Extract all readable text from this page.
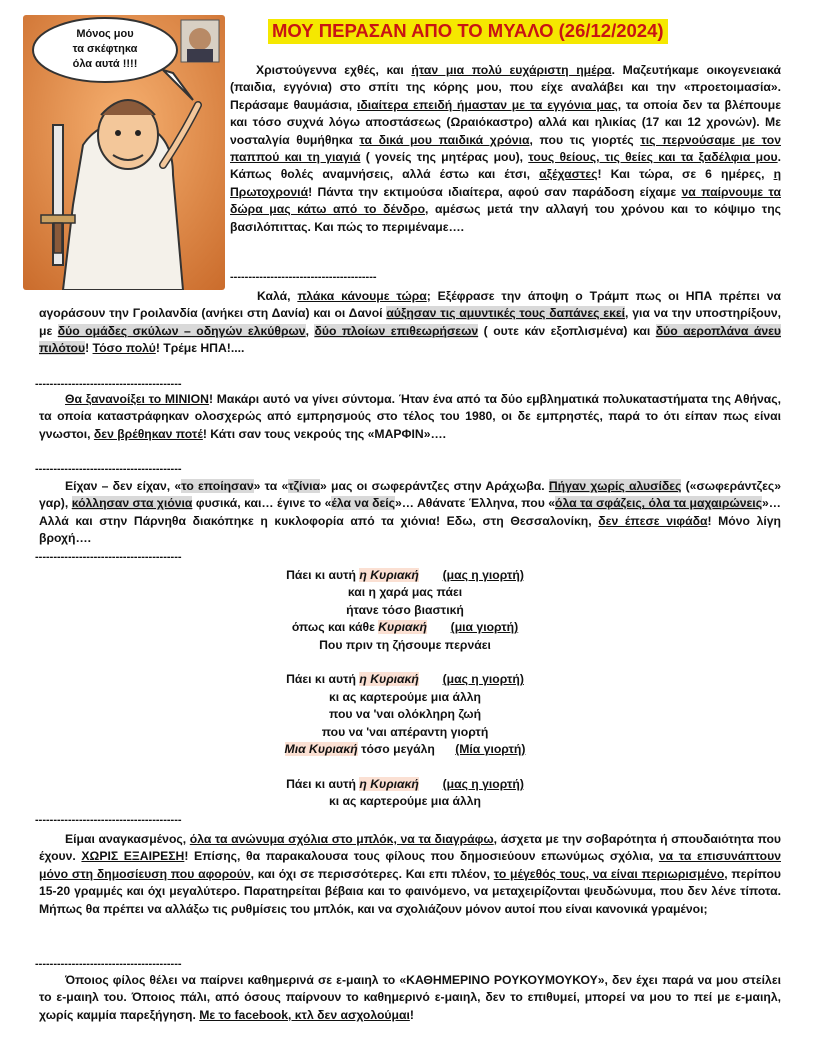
Μόνος μου
τα σκέφτηκα
όλα αυτά !!!!
ΜΟΥ ΠΕΡΑΣΑΝ ΑΠΟ ΤΟ ΜΥΑΛΟ (26/12/2024)
Χριστούγεννα εχθές, και ήταν μια πολύ ευχάριστη ημέρα. Μαζευτήκαμε οικογενειακά (παιδια, εγγόνια) στο σπίτι της κόρης μου, που είχε αναλάβει και την «προετοιμασία». Περάσαμε θαυμάσια, ιδιαίτερα επειδή ήμασταν με τα εγγόνια μας, τα οποία δεν τα βλέπουμε και τόσο συχνά λόγω αποστάσεως (Ωραιόκαστρο) αλλά και ηλικίας (17 και 12 χρονών). Με νοσταλγία θυμήθηκα τα δικά μου παιδικά χρόνια, που τις γιορτές τις περνούσαμε με τον παππού και τη γιαγιά ( γονείς της μητέρας μου), τους θείους, τις θείες και τα ξαδέλφια μου. Κάπως θολές αναμνήσεις, αλλά έστω και έτσι, αξέχαστες! Και τώρα, σε 6 ημέρες, η Πρωτοχρονιά! Πάντα την εκτιμούσα ιδιαίτερα, αφού σαν παράδοση είχαμε να παίρνουμε τα δώρα μας κάτω από το δένδρο, αμέσως μετά την αλλαγή του χρόνου και το κόψιμο της βασιλόπιττας. Και πώς το περιμέναμε….
----------------------------------------
Καλά, πλάκα κάνουμε τώρα; Εξέφρασε την άποψη ο Τράμπ πως οι ΗΠΑ πρέπει να αγοράσουν την Γροιλανδία (ανήκει στη Δανία) και οι Δανοί αύξησαν τις αμυντικές τους δαπάνες εκεί, για να την υποστηρίξουν, με δύο ομάδες σκύλων – οδηγών ελκύθρων, δύο πλοίων επιθεωρήσεων ( ουτε κάν εξοπλισμένα) και δύο αεροπλάνα άνευ πιλότου! Τόσο πολύ! Τρέμε ΗΠΑ!....
----------------------------------------
Θα ξανανοίξει το ΜΙΝΙΟΝ! Μακάρι αυτό να γίνει σύντομα. Ήταν ένα από τα δύο εμβληματικά πολυκαταστήματα της Αθήνας, τα οποία καταστράφηκαν ολοσχερώς από εμπρησμούς στο τέλος του 1980, οι δε εμπρηστές, παρά το ότι είπαν πως είναι γνωστοι, δεν βρέθηκαν ποτέ! Κάτι σαν τους νεκρούς της «ΜΑΡΦΙΝ»….
----------------------------------------
Είχαν – δεν είχαν, «το εποίησαν» τα «τζίνια» μας οι σωφεράντζες στην Αράχωβα. Πήγαν χωρίς αλυσίδες («σωφεράντζες» γαρ), κόλλησαν στα χιόνια φυσικά, και… έγινε το «έλα να δείς»… Αθάνατε Έλληνα, που «όλα τα σφάζεις, όλα τα μαχαιρώνεις»… Αλλά και στην Πάρνηθα διακόπηκε η κυκλοφορία από τα χιόνια! Εδω, στη Θεσσαλονίκη, δεν έπεσε νιφάδα! Μόνο λίγη βροχή….
----------------------------------------
Πάει κι αυτή η Κυριακή (μας η γιορτή)
και η χαρά μας πάει
ήτανε τόσο βιαστική
όπως και κάθε Κυριακή (μια γιορτή)
Που πριν τη ζήσουμε περνάει

Πάει κι αυτή η Κυριακή (μας η γιορτή)
κι ας καρτερούμε μια άλλη
που να 'ναι ολόκληρη ζωή
που να 'ναι απέραντη γιορτή
Μια Κυριακή τόσο μεγάλη (Μία γιορτή)

Πάει κι αυτή η Κυριακή (μας η γιορτή)
κι ας καρτερούμε μια άλλη
----------------------------------------
Είμαι αναγκασμένος, όλα τα ανώνυμα σχόλια στο μπλόκ, να τα διαγράφω, άσχετα με την σοβαρότητα ή σπουδαιότητα που έχουν. ΧΩΡΙΣ ΕΞΑΙΡΕΣΗ! Επίσης, θα παρακαλουσα τους φίλους που δημοσιεύουν επωνύμως σχόλια, να τα επισυνάπτουν μόνο στη δημοσίευση που αφορούν, και όχι σε περισσότερες. Και επι πλέον, το μέγεθός τους, να είναι περιωρισμένο, περίπου 15-20 γραμμές και όχι μεγαλύτερο. Παρατηρείται βέβαια και το φαινόμενο, να μεταχειρίζονται ψευδώνυμα, που δεν λένε τίποτα. Μήπως θα πρέπει να αλλάξω τις ρυθμίσεις του μπλόκ, και να σχολιάζουν μόνον αυτοί που είναι κανονικά γραμένοι;
----------------------------------------
Όποιος φίλος θέλει να παίρνει καθημερινά σε ε-μαιηλ το «ΚΑΘΗΜΕΡΙΝΟ ΡΟΥΚΟΥΜΟΥΚΟΥ», δεν έχει παρά να μου στείλει το ε-μαιηλ του. Όποιος πάλι, από όσους παίρνουν το καθημερινό ε-μαιηλ, δεν το επιθυμεί, μπορεί να μου το πεί με ε-μαιηλ, χωρίς καμμία παρεξήγηση. Με το facebook, κτλ δεν ασχολούμαι!
